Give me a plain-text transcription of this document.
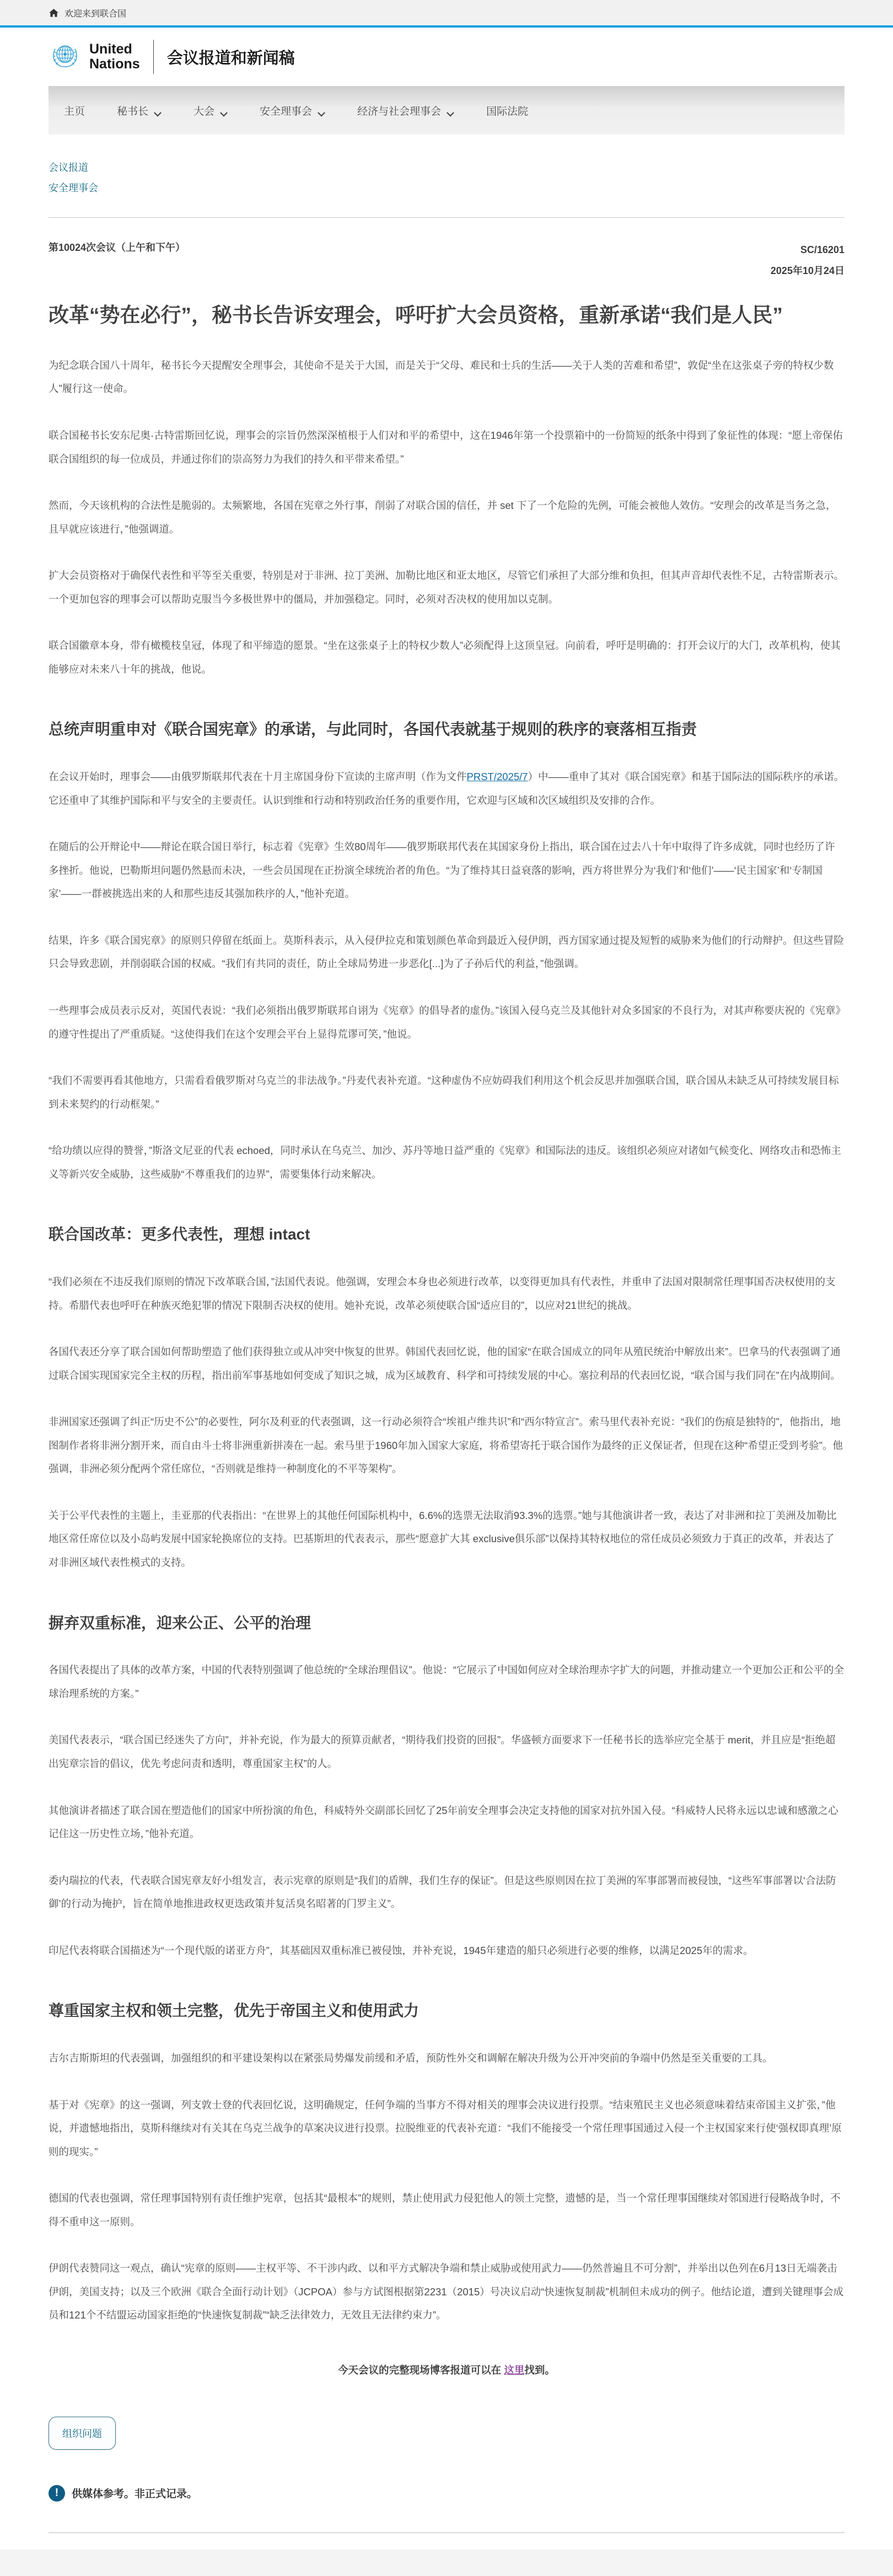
欢迎来到联合国
United
Nations 会议报道和新闻稿
主页	秘书长	大会	安全理事会	经济与社会理事会	国际法院
会议报道
安全理事会
第10024次会议（上午和下午）	SC/16201
2025年10月24日
改革“势在必行”，秘书长告诉安理会，呼吁扩大会员资格，重新承诺“我们是人民”

为纪念联合国八十周年，秘书长今天提醒安全理事会，其使命不是关于大国，而是关于“父母、难民和士兵的生活——关于人类的苦难和希望”，敦促“坐在这张桌子旁的特权少数人”履行这一使命。

联合国秘书长安东尼奥·古特雷斯回忆说，理事会的宗旨仍然深深植根于人们对和平的希望中，这在1946年第一个投票箱中的一份简短的纸条中得到了象征性的体现：“愿上帝保佑联合国组织的每一位成员，并通过你们的崇高努力为我们的持久和平带来希望。”

然而，今天该机构的合法性是脆弱的。太频繁地，各国在宪章之外行事，削弱了对联合国的信任，并 set 下了一个危险的先例，可能会被他人效仿。“安理会的改革是当务之急，且早就应该进行，”他强调道。

扩大会员资格对于确保代表性和平等至关重要，特别是对于非洲、拉丁美洲、加勒比地区和亚太地区，尽管它们承担了大部分维和负担，但其声音却代表性不足，古特雷斯表示。一个更加包容的理事会可以帮助克服当今多极世界中的僵局，并加强稳定。同时，必须对否决权的使用加以克制。

联合国徽章本身，带有橄榄枝皇冠，体现了和平缔造的愿景。“坐在这张桌子上的特权少数人”必须配得上这顶皇冠。向前看，呼吁是明确的：打开会议厅的大门，改革机构，使其能够应对未来八十年的挑战，他说。

总统声明重申对《联合国宪章》的承诺，与此同时，各国代表就基于规则的秩序的衰落相互指责

在会议开始时，理事会——由俄罗斯联邦代表在十月主席国身份下宣读的主席声明（作为文件PRST/2025/7）中——重申了其对《联合国宪章》和基于国际法的国际秩序的承诺。它还重申了其维护国际和平与安全的主要责任。认识到维和行动和特别政治任务的重要作用，它欢迎与区域和次区域组织及安排的合作。

在随后的公开辩论中——辩论在联合国日举行，标志着《宪章》生效80周年——俄罗斯联邦代表在其国家身份上指出，联合国在过去八十年中取得了许多成就，同时也经历了许多挫折。他说，巴勒斯坦问题仍然悬而未决，一些会员国现在正扮演全球统治者的角色。“为了维持其日益衰落的影响，西方将世界分为‘我们’和‘他们’——‘民主国家’和‘专制国家’——一群被挑选出来的人和那些违反其强加秩序的人，”他补充道。

结果，许多《联合国宪章》的原则只停留在纸面上。莫斯科表示，从入侵伊拉克和策划颜色革命到最近入侵伊朗，西方国家通过提及短暂的威胁来为他们的行动辩护。但这些冒险只会导致悲剧，并削弱联合国的权威。“我们有共同的责任，防止全球局势进一步恶化[...]为了子孙后代的利益，”他强调。

一些理事会成员表示反对，英国代表说：“我们必须指出俄罗斯联邦自诩为《宪章》的倡导者的虚伪。”该国入侵乌克兰及其他针对众多国家的不良行为，对其声称要庆祝的《宪章》的遵守性提出了严重质疑。“这使得我们在这个安理会平台上显得荒谬可笑，”他说。

“我们不需要再看其他地方，只需看看俄罗斯对乌克兰的非法战争。”丹麦代表补充道。“这种虚伪不应妨碍我们利用这个机会反思并加强联合国，联合国从未缺乏从可持续发展目标到未来契约的行动框架。”

“给功绩以应得的赞誉，”斯洛文尼亚的代表 echoed，同时承认在乌克兰、加沙、苏丹等地日益严重的《宪章》和国际法的违反。该组织必须应对诸如气候变化、网络攻击和恐怖主义等新兴安全威胁，这些威胁“不尊重我们的边界”，需要集体行动来解决。

联合国改革：更多代表性，理想 intact

“我们必须在不违反我们原则的情况下改革联合国，”法国代表说。他强调，安理会本身也必须进行改革，以变得更加具有代表性，并重申了法国对限制常任理事国否决权使用的支持。希腊代表也呼吁在种族灭绝犯罪的情况下限制否决权的使用。她补充说，改革必须使联合国“适应目的”，以应对21世纪的挑战。

各国代表还分享了联合国如何帮助塑造了他们获得独立或从冲突中恢复的世界。韩国代表回忆说，他的国家“在联合国成立的同年从殖民统治中解放出来”。巴拿马的代表强调了通过联合国实现国家完全主权的历程，指出前军事基地如何变成了知识之城，成为区域教育、科学和可持续发展的中心。塞拉利昂的代表回忆说，“联合国与我们同在”在内战期间。

非洲国家还强调了纠正“历史不公”的必要性，阿尔及利亚的代表强调，这一行动必须符合“埃祖卢维共识”和“西尔特宣言”。索马里代表补充说：“我们的伤痕是独特的”，他指出，地图制作者将非洲分割开来，而自由斗士将非洲重新拼凑在一起。索马里于1960年加入国家大家庭，将希望寄托于联合国作为最终的正义保证者，但现在这种“希望正受到考验”。他强调，非洲必须分配两个常任席位，“否则就是维持一种制度化的不平等架构”。

关于公平代表性的主题上，圭亚那的代表指出：“在世界上的其他任何国际机构中，6.6%的选票无法取消93.3%的选票。”她与其他演讲者一致，表达了对非洲和拉丁美洲及加勒比地区常任席位以及小岛屿发展中国家轮换席位的支持。巴基斯坦的代表表示，那些“愿意扩大其 exclusive俱乐部”以保持其特权地位的常任成员必须致力于真正的改革，并表达了对非洲区域代表性模式的支持。

摒弃双重标准，迎来公正、公平的治理

各国代表提出了具体的改革方案，中国的代表特别强调了他总统的“全球治理倡议”。他说：“它展示了中国如何应对全球治理赤字扩大的问题，并推动建立一个更加公正和公平的全球治理系统的方案。”

美国代表表示，“联合国已经迷失了方向”，并补充说，作为最大的预算贡献者，“期待我们投资的回报”。华盛顿方面要求下一任秘书长的选举应完全基于 merit，并且应是“拒绝超出宪章宗旨的倡议，优先考虑问责和透明，尊重国家主权”的人。

其他演讲者描述了联合国在塑造他们的国家中所扮演的角色，科威特外交副部长回忆了25年前安全理事会决定支持他的国家对抗外国入侵。“科威特人民将永远以忠诚和感激之心记住这一历史性立场，”他补充道。

委内瑞拉的代表，代表联合国宪章友好小组发言，表示宪章的原则是“我们的盾牌，我们生存的保证”。但是这些原则因在拉丁美洲的军事部署而被侵蚀，“这些军事部署以‘合法防御’的行动为掩护，旨在简单地推进政权更迭政策并复活臭名昭著的门罗主义”。

印尼代表将联合国描述为“一个现代版的诺亚方舟”，其基础因双重标准已被侵蚀，并补充说，1945年建造的船只必须进行必要的维修，以满足2025年的需求。

尊重国家主权和领土完整，优先于帝国主义和使用武力

吉尔吉斯斯坦的代表强调，加强组织的和平建设架构以在紧张局势爆发前缓和矛盾，预防性外交和调解在解决升级为公开冲突前的争端中仍然是至关重要的工具。

基于对《宪章》的这一强调，列支敦士登的代表回忆说，这明确规定，任何争端的当事方不得对相关的理事会决议进行投票。“结束殖民主义也必须意味着结束帝国主义扩张，”他说，并遗憾地指出，莫斯科继续对有关其在乌克兰战争的草案决议进行投票。拉脱维亚的代表补充道：“我们不能接受一个常任理事国通过入侵一个主权国家来行使‘强权即真理’原则的现实。”

德国的代表也强调，常任理事国特别有责任维护宪章，包括其“最根本”的规则，禁止使用武力侵犯他人的领土完整，遗憾的是，当一个常任理事国继续对邻国进行侵略战争时，不得不重申这一原则。

伊朗代表赞同这一观点，确认“宪章的原则——主权平等、不干涉内政、以和平方式解决争端和禁止威胁或使用武力——仍然普遍且不可分割”，并举出以色列在6月13日无端袭击伊朗，美国支持；以及三个欧洲《联合全面行动计划》（JCPOA）参与方试图根据第2231（2015）号决议启动“快速恢复制裁”机制但未成功的例子。他结论道，遭到关键理事会成员和121个不结盟运动国家拒绝的“快速恢复制裁”“缺乏法律效力，无效且无法律约束力”。

今天会议的完整现场博客报道可以在 这里找到。

组织问题
!	供媒体参考。非正式记录。
